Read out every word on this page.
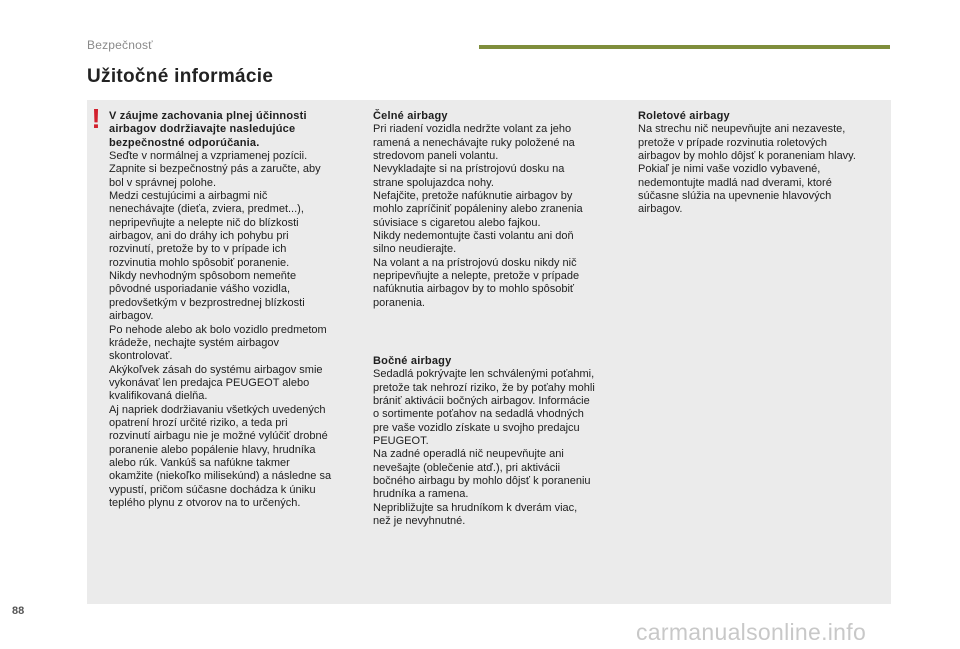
Bezpečnosť
Užitočné informácie
! V záujme zachovania plnej účinnosti
airbagov dodržiavajte nasledujúce
bezpečnostné odporúčania.

Seďte v normálnej a vzpriamenej pozícii.
Zapnite si bezpečnostný pás a zaručte, aby
bol v správnej polohe.
Medzi cestujúcimi a airbagmi nič
nenechávajte (dieťa, zviera, predmet...),
nepripevňujte a nelepte nič do blízkosti
airbagov, ani do dráhy ich pohybu pri
rozvinutí, pretože by to v prípade ich
rozvinutia mohlo spôsobiť poranenie.
Nikdy nevhodným spôsobom nemeňte
pôvodné usporiadanie vášho vozidla,
predovšetkým v bezprostrednej blízkosti
airbagov.
Po nehode alebo ak bolo vozidlo predmetom
krádeže, nechajte systém airbagov
skontrolovať.
Akýkoľvek zásah do systému airbagov smie
vykonávať len predajca PEUGEOT alebo
kvalifikovaná dielňa.
Aj napriek dodržiavaniu všetkých uvedených
opatrení hrozí určité riziko, a teda pri
rozvinutí airbagu nie je možné vylúčiť drobné
poranenie alebo popálenie hlavy, hrudníka
alebo rúk. Vankúš sa nafúkne takmer
okamžite (niekoľko milisekúnd) a následne sa
vypustí, pričom súčasne dochádza k úniku
teplého plynu z otvorov na to určených.

Čelné airbagy

Pri riadení vozidla nedržte volant za jeho
ramená a nenechávajte ruky položené na
stredovom paneli volantu.
Nevykladajte si na prístrojovú dosku na
strane spolujazdca nohy.
Nefajčite, pretože nafúknutie airbagov by
mohlo zapríčiniť popáleniny alebo zranenia
súvisiace s cigaretou alebo fajkou.
Nikdy nedemontujte časti volantu ani doň
silno neudierajte.
Na volant a na prístrojovú dosku nikdy nič
nepripevňujte a nelepte, pretože v prípade
nafúknutia airbagov by to mohlo spôsobiť
poranenia.

Bočné airbagy

Sedadlá pokrývajte len schválenými poťahmi,
pretože tak nehrozí riziko, že by poťahy mohli
brániť aktivácii bočných airbagov. Informácie
o sortimente poťahov na sedadlá vhodných
pre vaše vozidlo získate u svojho predajcu
PEUGEOT.
Na zadné operadlá nič neupevňujte ani
nevešajte (oblečenie atď.), pri aktivácii
bočného airbagu by mohlo dôjsť k poraneniu
hrudníka a ramena.
Nepribližujte sa hrudníkom k dverám viac,
než je nevyhnutné.

Roletové airbagy

Na strechu nič neupevňujte ani nezaveste,
pretože v prípade rozvinutia roletových
airbagov by mohlo dôjsť k poraneniam hlavy.
Pokiaľ je nimi vaše vozidlo vybavené,
nedemontujte madlá nad dverami, ktoré
súčasne slúžia na upevnenie hlavových
airbagov.

88
carmanualsonline.info
